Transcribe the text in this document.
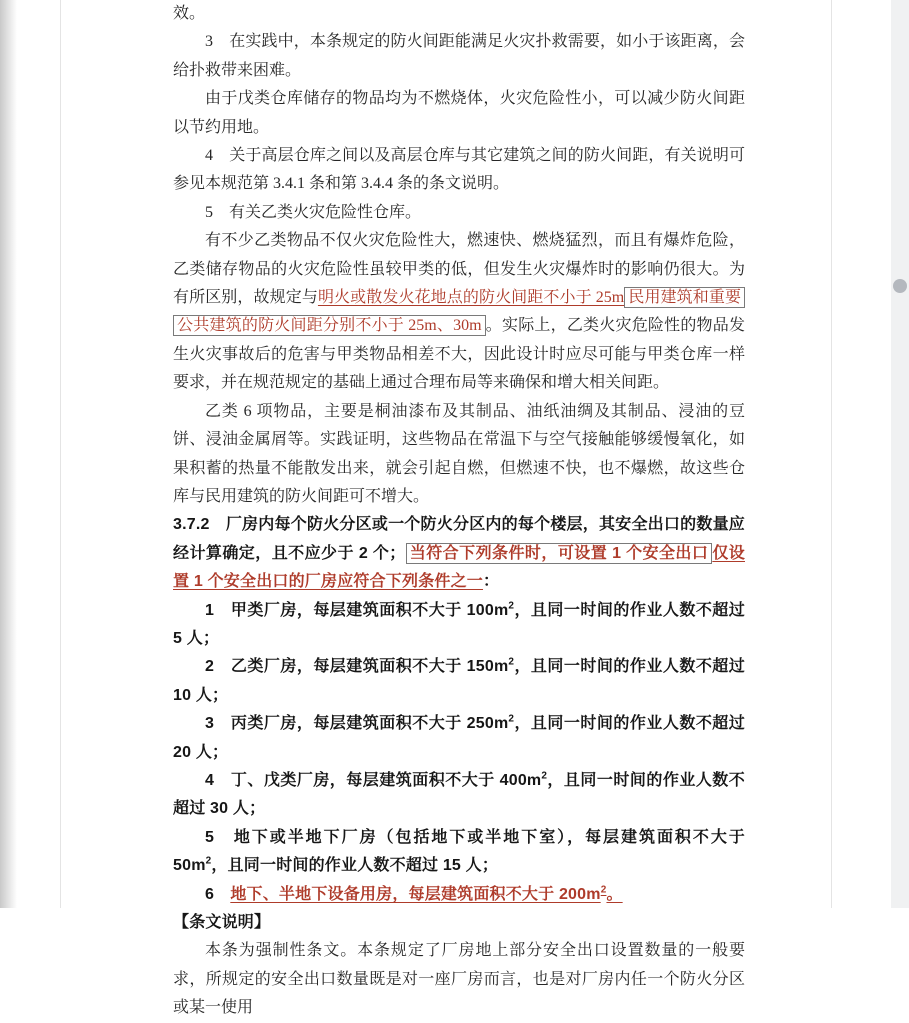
效。

3　在实践中，本条规定的防火间距能满足火灾扑救需要，如小于该距离，会给扑救带来困难。

由于戊类仓库储存的物品均为不燃烧体，火灾危险性小，可以减少防火间距以节约用地。

4　关于高层仓库之间以及高层仓库与其它建筑之间的防火间距，有关说明可参见本规范第 3.4.1 条和第 3.4.4 条的条文说明。

5　有关乙类火灾危险性仓库。

有不少乙类物品不仅火灾危险性大，燃速快、燃烧猛烈，而且有爆炸危险，乙类储存物品的火灾危险性虽较甲类的低，但发生火灾爆炸时的影响仍很大。为有所区别，故规定与明火或散发火花地点的防火间距不小于 25m 民用建筑和重要公共建筑的防火间距分别不小于 25m、30m 。实际上，乙类火灾危险性的物品发生火灾事故后的危害与甲类物品相差不大，因此设计时应尽可能与甲类仓库一样要求，并在规范规定的基础上通过合理布局等来确保和增大相关间距。

乙类 6 项物品，主要是桐油漆布及其制品、油纸油绸及其制品、浸油的豆饼、浸油金属屑等。实践证明，这些物品在常温下与空气接触能够缓慢氧化，如果积蓄的热量不能散发出来，就会引起自燃，但燃速不快，也不爆燃，故这些仓库与民用建筑的防火间距可不增大。

3.7.2　厂房内每个防火分区或一个防火分区内的每个楼层，其安全出口的数量应经计算确定，且不应少于 2 个； 当符合下列条件时，可设置 1 个安全出口 仅设置 1 个安全出口的厂房应符合下列条件之一：

1　甲类厂房，每层建筑面积不大于 $100m^2$，且同一时间的作业人数不超过 5 人；

2　乙类厂房，每层建筑面积不大于 $150m^2$，且同一时间的作业人数不超过 10 人；

3　丙类厂房，每层建筑面积不大于 $250m^2$，且同一时间的作业人数不超过 20 人；

4　丁、戊类厂房，每层建筑面积不大于 $400m^2$，且同一时间的作业人数不超过 30 人；

5　地下或半地下厂房（包括地下或半地下室），每层建筑面积不大于 $50m^2$，且同一时间的作业人数不超过 15 人；

6　地下、半地下设备用房，每层建筑面积不大于 $200m^2$。

【条文说明】

本条为强制性条文。本条规定了厂房地上部分安全出口设置数量的一般要求，所规定的安全出口数量既是对一座厂房而言，也是对厂房内任一个防火分区或某一使用
